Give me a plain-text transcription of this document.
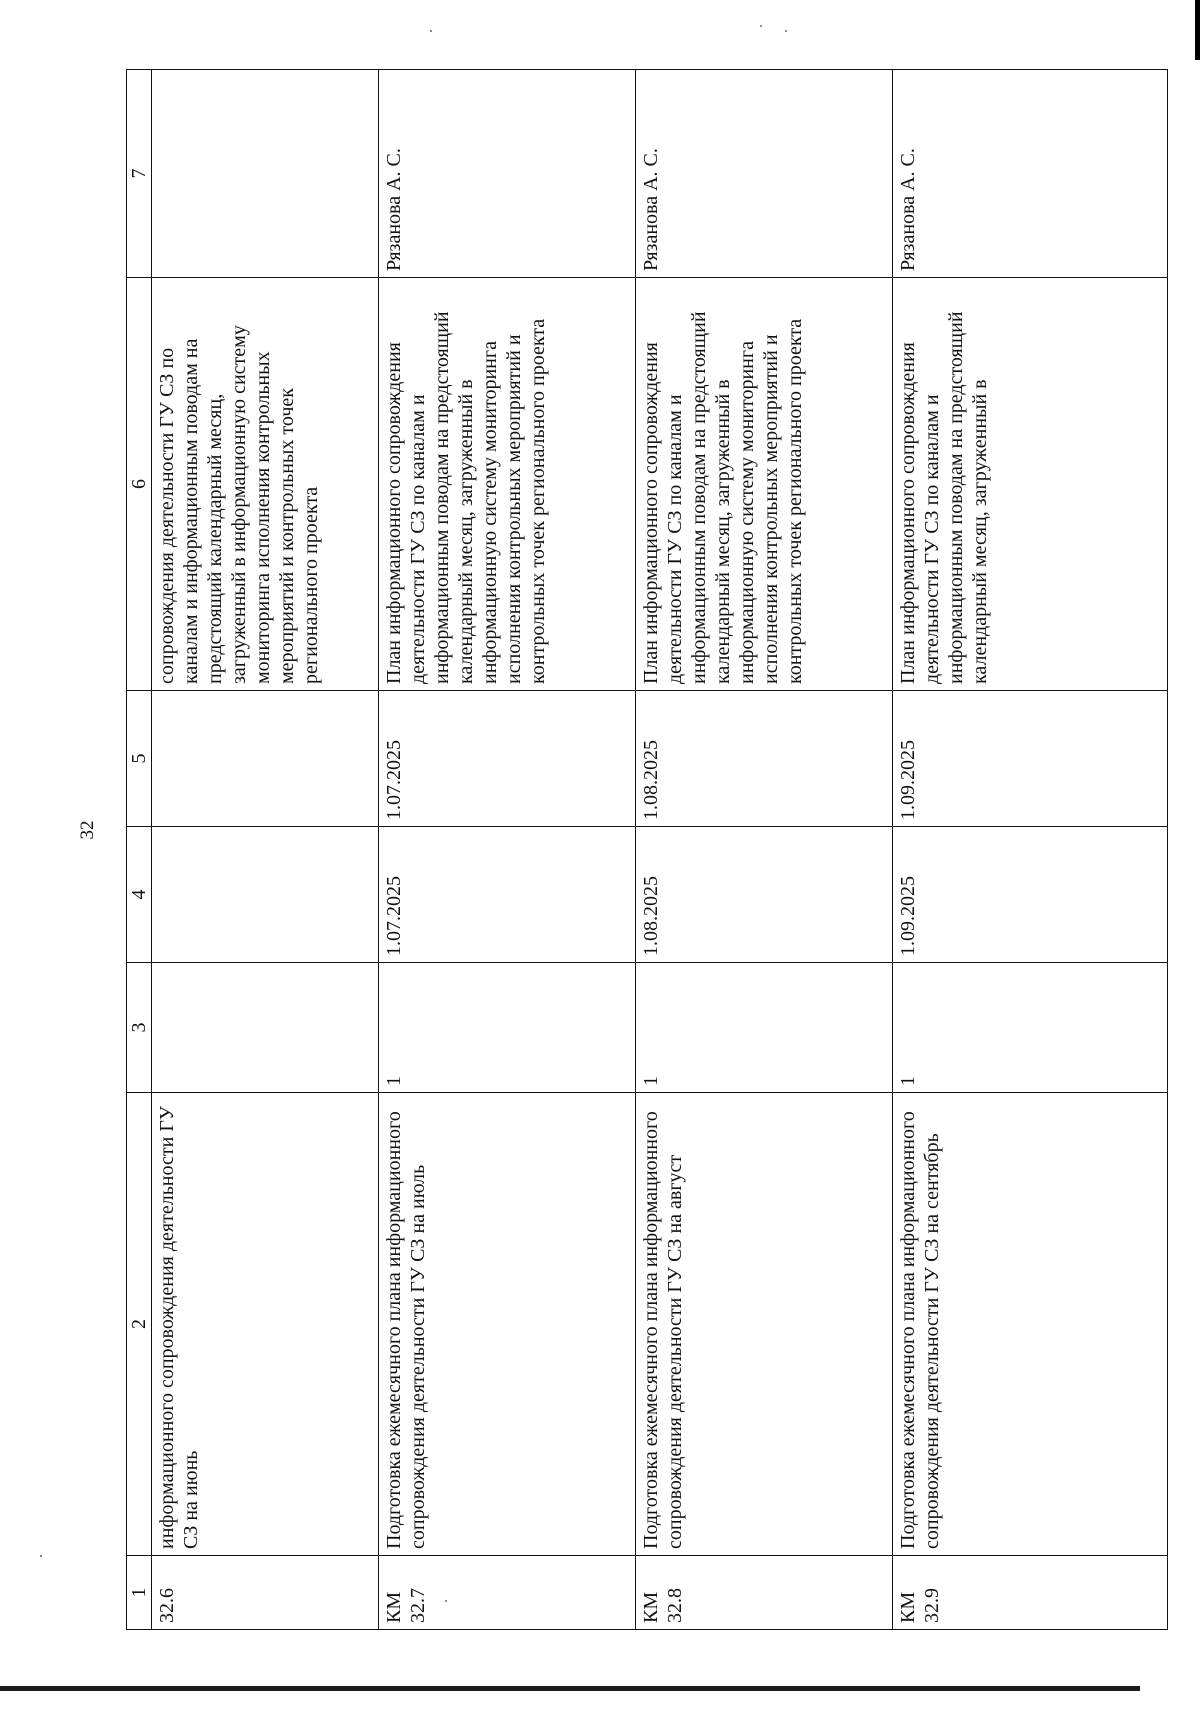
32
1	2	3	4	5	6	7
32.6	информационного сопровождения деятельности ГУ СЗ на июнь				сопровождения деятельности ГУ СЗ по каналам и информационным поводам на предстоящий календарный месяц, загруженный в информационную систему мониторинга исполнения контрольных мероприятий и контрольных точек регионального проекта	
КМ 32.7	Подготовка ежемесячного плана информационного сопровождения деятельности ГУ СЗ на июль	1	1.07.2025	1.07.2025	План информационного сопровождения деятельности ГУ СЗ по каналам и информационным поводам на предстоящий календарный месяц, загруженный в информационную систему мониторинга исполнения контрольных мероприятий и контрольных точек регионального проекта	Рязанова А. С.
КМ 32.8	Подготовка ежемесячного плана информационного сопровождения деятельности ГУ СЗ на август	1	1.08.2025	1.08.2025	План информационного сопровождения деятельности ГУ СЗ по каналам и информационным поводам на предстоящий календарный месяц, загруженный в информационную систему мониторинга исполнения контрольных мероприятий и контрольных точек регионального проекта	Рязанова А. С.
КМ 32.9	Подготовка ежемесячного плана информационного сопровождения деятельности ГУ СЗ на сентябрь	1	1.09.2025	1.09.2025	План информационного сопровождения деятельности ГУ СЗ по каналам и информационным поводам на предстоящий календарный месяц, загруженный в	Рязанова А. С.
